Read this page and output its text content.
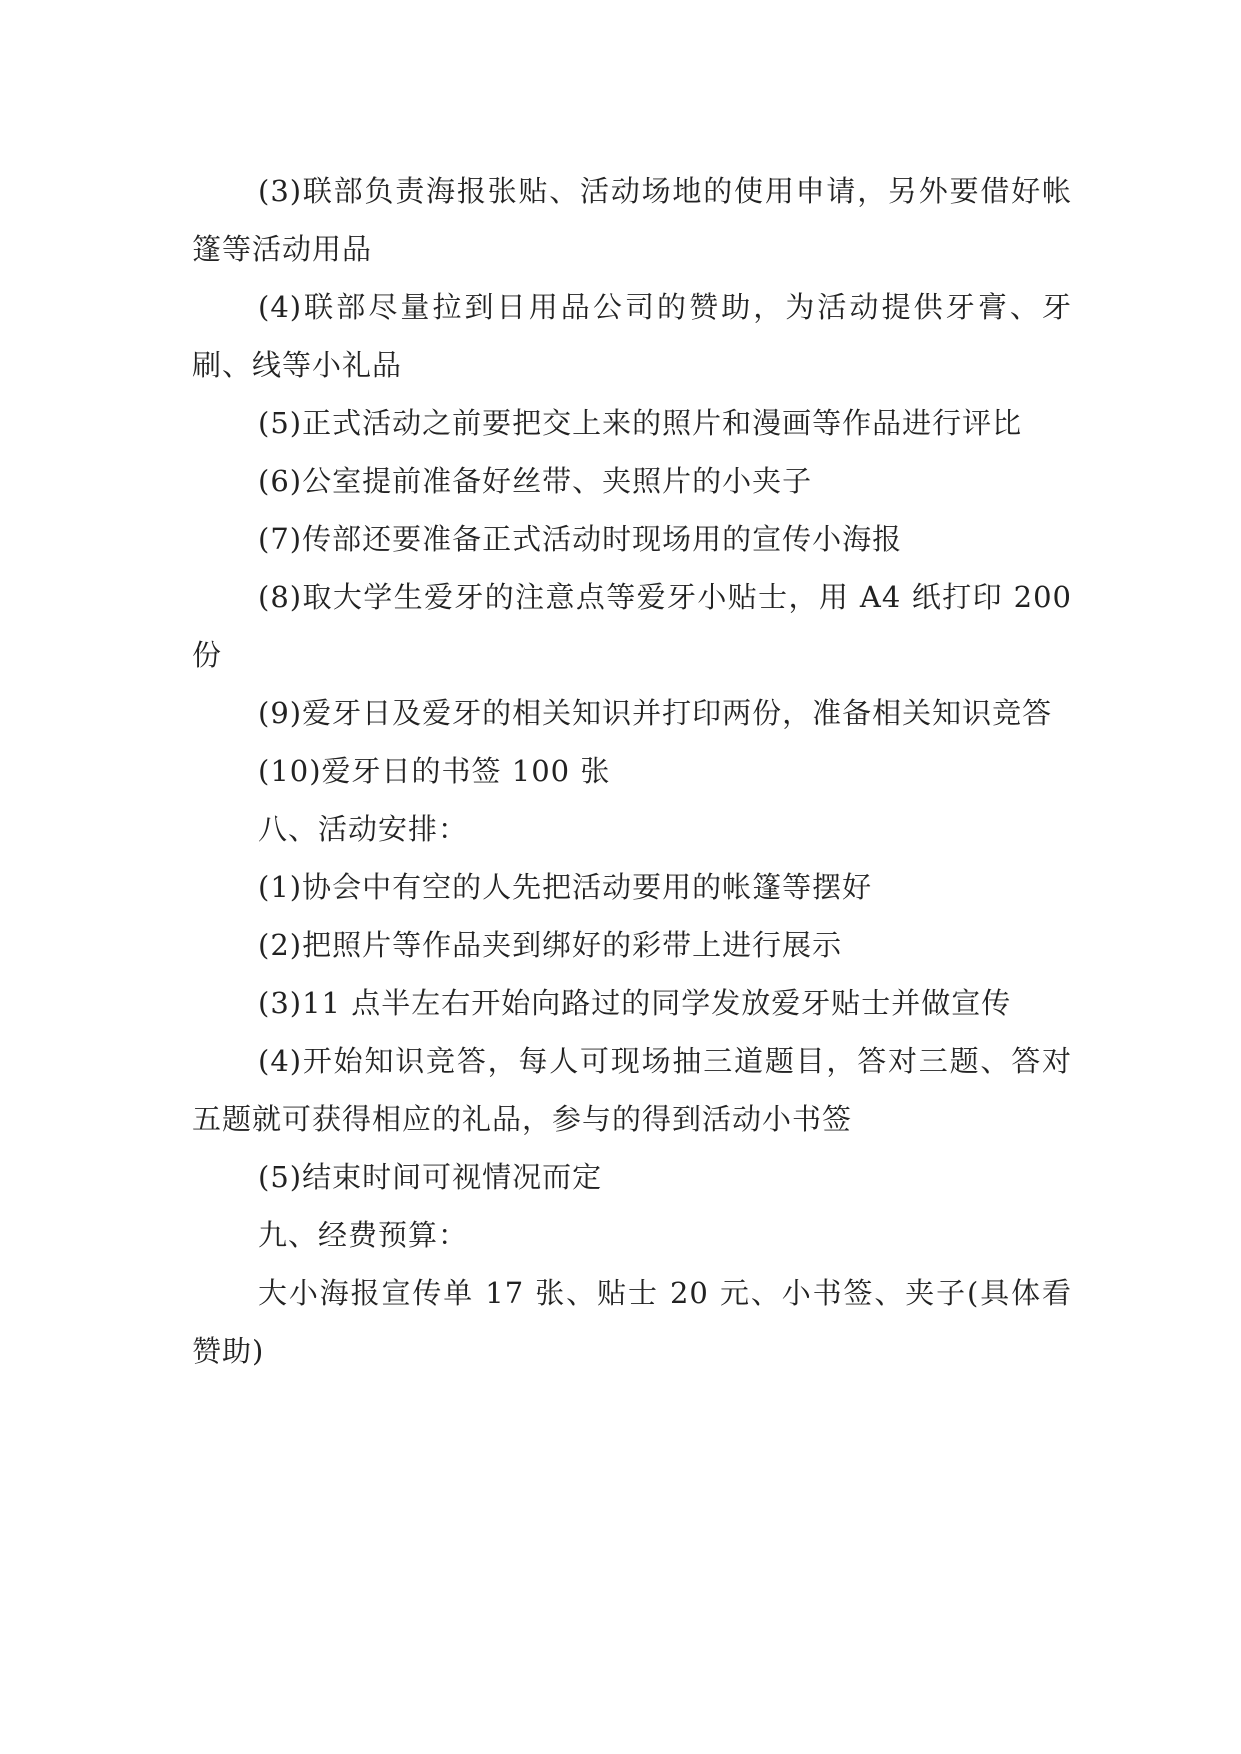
(3)联部负责海报张贴、活动场地的使用申请，另外要借好帐篷等活动用品

(4)联部尽量拉到日用品公司的赞助，为活动提供牙膏、牙刷、线等小礼品

(5)正式活动之前要把交上来的照片和漫画等作品进行评比

(6)公室提前准备好丝带、夹照片的小夹子

(7)传部还要准备正式活动时现场用的宣传小海报

(8)取大学生爱牙的注意点等爱牙小贴士，用 A4 纸打印 200 份

(9)爱牙日及爱牙的相关知识并打印两份，准备相关知识竞答

(10)爱牙日的书签 100 张

八、活动安排：

(1)协会中有空的人先把活动要用的帐篷等摆好

(2)把照片等作品夹到绑好的彩带上进行展示

(3)11 点半左右开始向路过的同学发放爱牙贴士并做宣传

(4)开始知识竞答，每人可现场抽三道题目，答对三题、答对五题就可获得相应的礼品，参与的得到活动小书签

(5)结束时间可视情况而定

九、经费预算：

大小海报宣传单 17 张、贴士 20 元、小书签、夹子(具体看赞助)
